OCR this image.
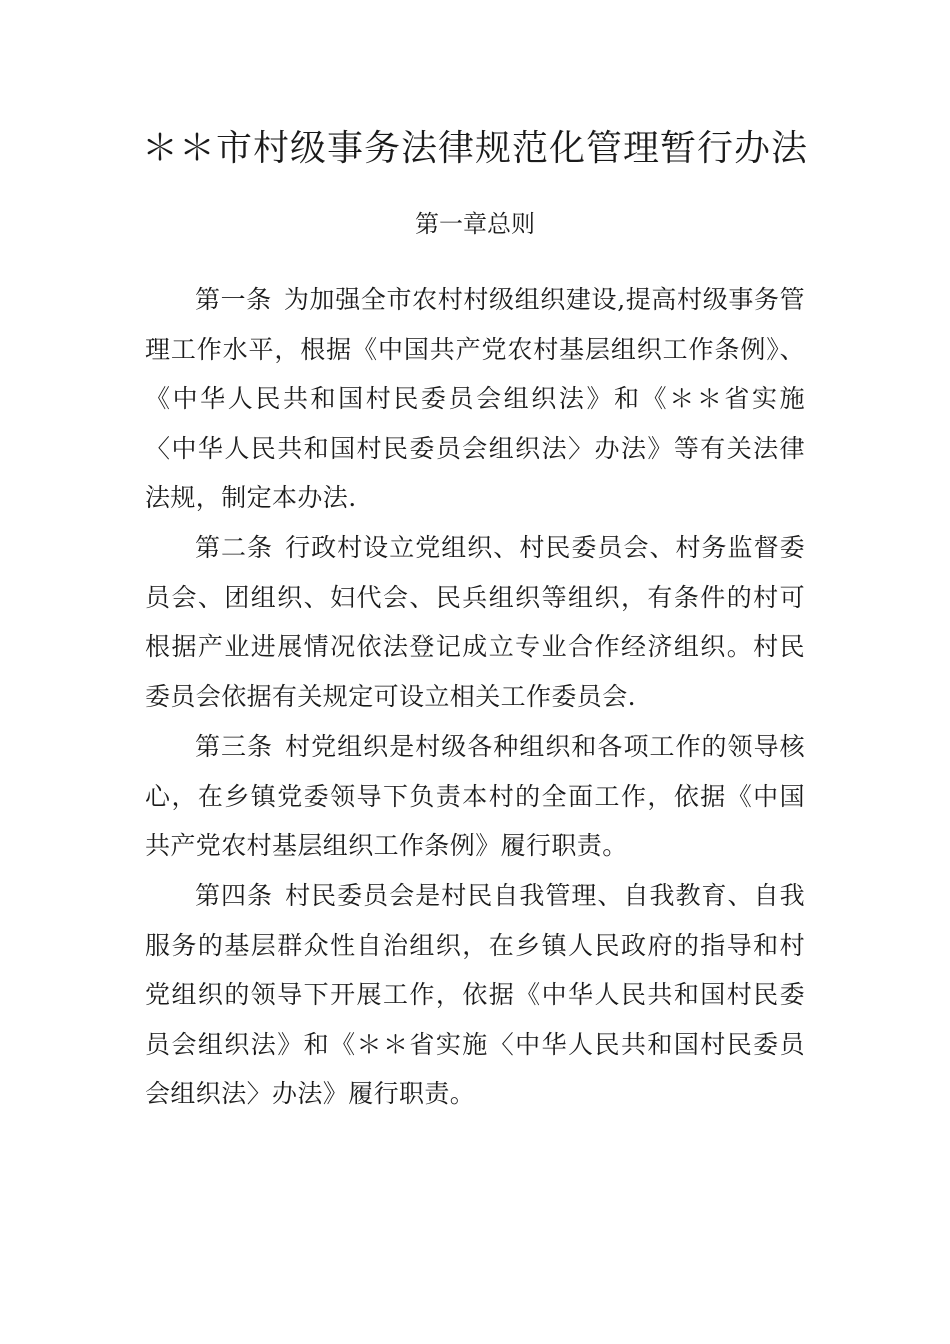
＊＊市村级事务法律规范化管理暂行办法
第一章总则

第一条 为加强全市农村村级组织建设,提高村级事务管理工作水平，根据《中国共产党农村基层组织工作条例》、《中华人民共和国村民委员会组织法》和《＊＊省实施〈中华人民共和国村民委员会组织法〉办法》等有关法律法规，制定本办法.

第二条 行政村设立党组织、村民委员会、村务监督委员会、团组织、妇代会、民兵组织等组织，有条件的村可根据产业进展情况依法登记成立专业合作经济组织。村民委员会依据有关规定可设立相关工作委员会.

第三条 村党组织是村级各种组织和各项工作的领导核心，在乡镇党委领导下负责本村的全面工作，依据《中国共产党农村基层组织工作条例》履行职责。

第四条 村民委员会是村民自我管理、自我教育、自我服务的基层群众性自治组织，在乡镇人民政府的指导和村党组织的领导下开展工作，依据《中华人民共和国村民委员会组织法》和《＊＊省实施〈中华人民共和国村民委员会组织法〉办法》履行职责。
